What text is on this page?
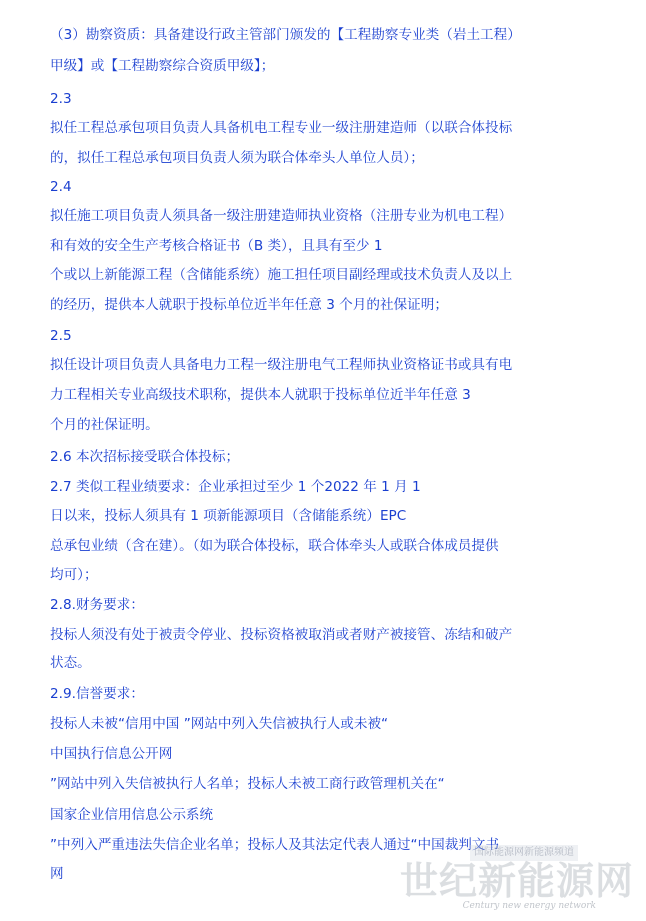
（3）勘察资质：具备建设行政主管部门颁发的【工程勘察专业类（岩土工程）
甲级】或【工程勘察综合资质甲级】；
2.3
拟任工程总承包项目负责人具备机电工程专业一级注册建造师（以联合体投标
的，拟任工程总承包项目负责人须为联合体牵头人单位人员）；
2.4
拟任施工项目负责人须具备一级注册建造师执业资格（注册专业为机电工程）
和有效的安全生产考核合格证书（B 类），且具有至少 1
个或以上新能源工程（含储能系统）施工担任项目副经理或技术负责人及以上
的经历，提供本人就职于投标单位近半年任意 3 个月的社保证明；
2.5
拟任设计项目负责人具备电力工程一级注册电气工程师执业资格证书或具有电
力工程相关专业高级技术职称，提供本人就职于投标单位近半年任意 3
个月的社保证明。
2.6 本次招标接受联合体投标；
2.7 类似工程业绩要求：企业承担过至少 1 个2022 年 1 月 1
日以来，投标人须具有 1 项新能源项目（含储能系统）EPC
总承包业绩（含在建）。（如为联合体投标，联合体牵头人或联合体成员提供
均可）；
2.8.财务要求：
投标人须没有处于被责令停业、投标资格被取消或者财产被接管、冻结和破产
状态。
2.9.信誉要求：
投标人未被“信用中国 ”网站中列入失信被执行人或未被“
中国执行信息公开网
”网站中列入失信被执行人名单；投标人未被工商行政管理机关在“
国家企业信用信息公示系统
”中列入严重违法失信企业名单；投标人及其法定代表人通过“中国裁判文书
网
国际能源网新能源频道
世纪新能源网
Century new energy network
